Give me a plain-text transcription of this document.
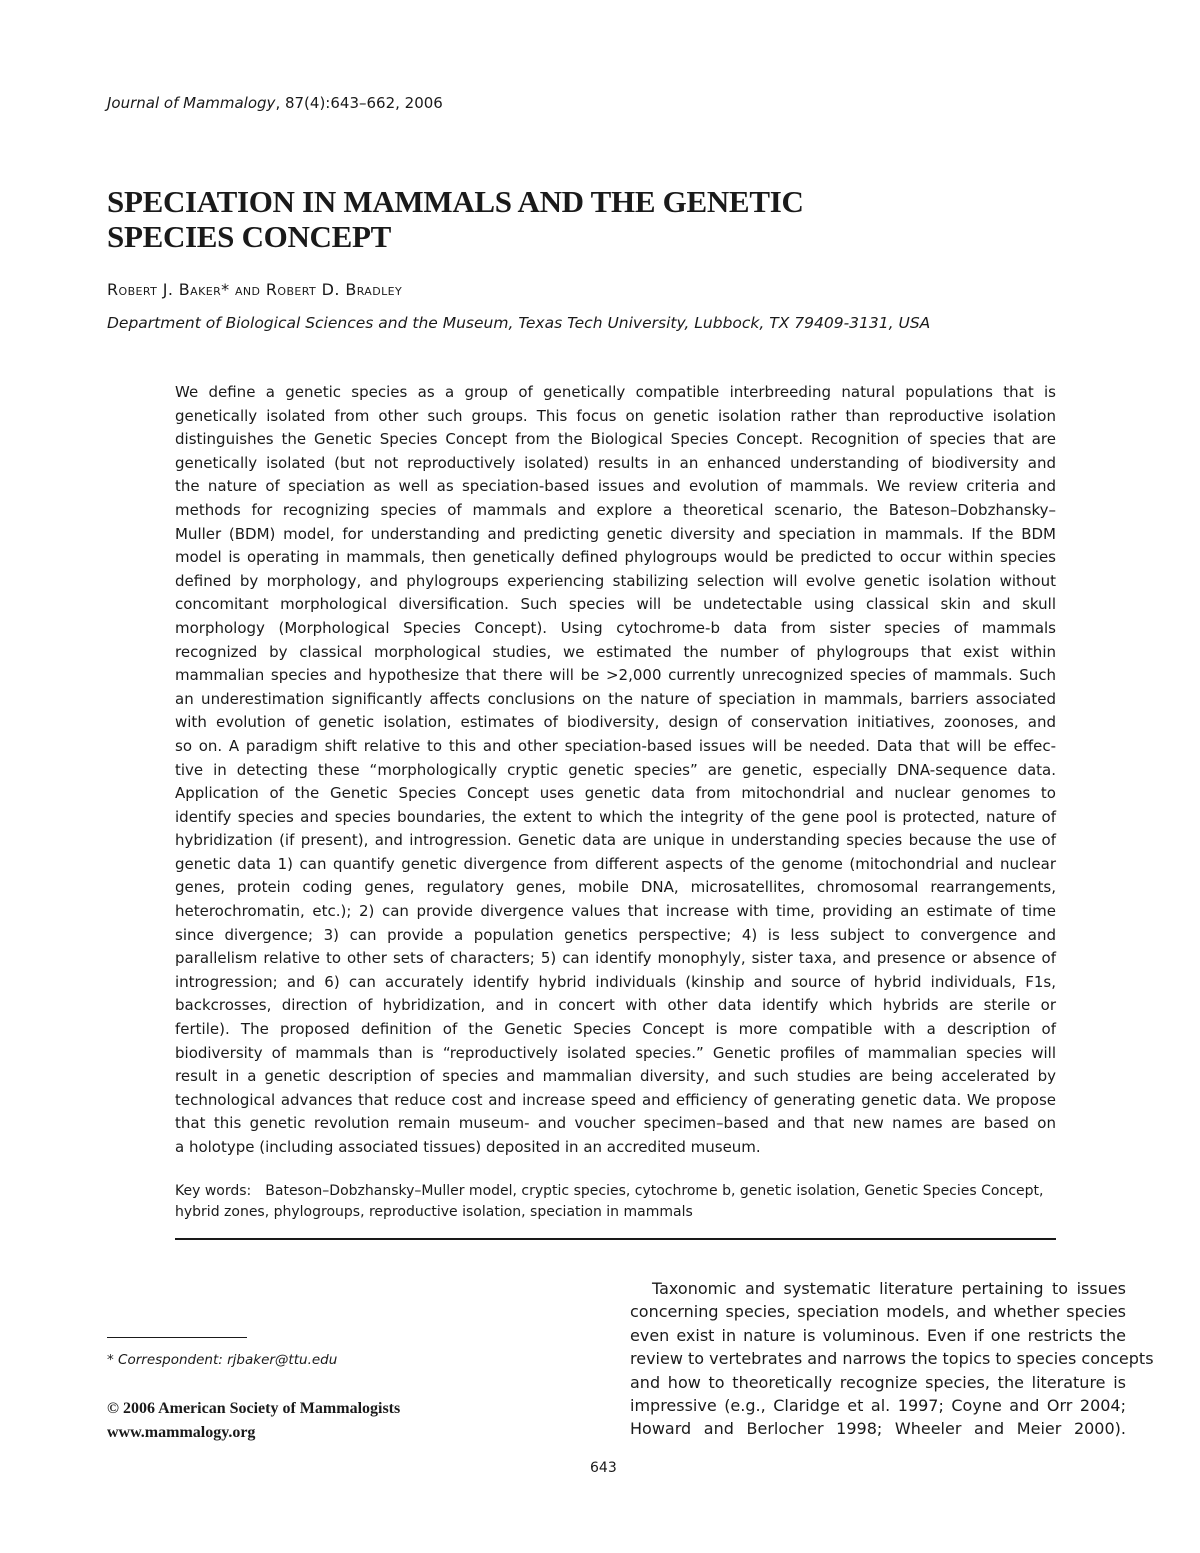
Journal of Mammalogy, 87(4):643–662, 2006
SPECIATION IN MAMMALS AND THE GENETIC
SPECIES CONCEPT
Robert J. Baker* and Robert D. Bradley
Department of Biological Sciences and the Museum, Texas Tech University, Lubbock, TX 79409-3131, USA
We define a genetic species as a group of genetically compatible interbreeding natural populations that is
genetically isolated from other such groups. This focus on genetic isolation rather than reproductive isolation
distinguishes the Genetic Species Concept from the Biological Species Concept. Recognition of species that are
genetically isolated (but not reproductively isolated) results in an enhanced understanding of biodiversity and
the nature of speciation as well as speciation-based issues and evolution of mammals. We review criteria and
methods for recognizing species of mammals and explore a theoretical scenario, the Bateson–Dobzhansky–
Muller (BDM) model, for understanding and predicting genetic diversity and speciation in mammals. If the BDM
model is operating in mammals, then genetically defined phylogroups would be predicted to occur within species
defined by morphology, and phylogroups experiencing stabilizing selection will evolve genetic isolation without
concomitant morphological diversification. Such species will be undetectable using classical skin and skull
morphology (Morphological Species Concept). Using cytochrome-b data from sister species of mammals
recognized by classical morphological studies, we estimated the number of phylogroups that exist within
mammalian species and hypothesize that there will be >2,000 currently unrecognized species of mammals. Such
an underestimation significantly affects conclusions on the nature of speciation in mammals, barriers associated
with evolution of genetic isolation, estimates of biodiversity, design of conservation initiatives, zoonoses, and
so on. A paradigm shift relative to this and other speciation-based issues will be needed. Data that will be effec-
tive in detecting these “morphologically cryptic genetic species” are genetic, especially DNA-sequence data.
Application of the Genetic Species Concept uses genetic data from mitochondrial and nuclear genomes to
identify species and species boundaries, the extent to which the integrity of the gene pool is protected, nature of
hybridization (if present), and introgression. Genetic data are unique in understanding species because the use of
genetic data 1) can quantify genetic divergence from different aspects of the genome (mitochondrial and nuclear
genes, protein coding genes, regulatory genes, mobile DNA, microsatellites, chromosomal rearrangements,
heterochromatin, etc.); 2) can provide divergence values that increase with time, providing an estimate of time
since divergence; 3) can provide a population genetics perspective; 4) is less subject to convergence and
parallelism relative to other sets of characters; 5) can identify monophyly, sister taxa, and presence or absence of
introgression; and 6) can accurately identify hybrid individuals (kinship and source of hybrid individuals, F1s,
backcrosses, direction of hybridization, and in concert with other data identify which hybrids are sterile or
fertile). The proposed definition of the Genetic Species Concept is more compatible with a description of
biodiversity of mammals than is “reproductively isolated species.” Genetic profiles of mammalian species will
result in a genetic description of species and mammalian diversity, and such studies are being accelerated by
technological advances that reduce cost and increase speed and efficiency of generating genetic data. We propose
that this genetic revolution remain museum- and voucher specimen–based and that new names are based on
a holotype (including associated tissues) deposited in an accredited museum.
Key words: Bateson–Dobzhansky–Muller model, cryptic species, cytochrome b, genetic isolation, Genetic Species Concept,
hybrid zones, phylogroups, reproductive isolation, speciation in mammals
* Correspondent: rjbaker@ttu.edu
© 2006 American Society of Mammalogists
www.mammalogy.org
Taxonomic and systematic literature pertaining to issues
concerning species, speciation models, and whether species
even exist in nature is voluminous. Even if one restricts the
review to vertebrates and narrows the topics to species concepts
and how to theoretically recognize species, the literature is
impressive (e.g., Claridge et al. 1997; Coyne and Orr 2004;
Howard and Berlocher 1998; Wheeler and Meier 2000).
643
